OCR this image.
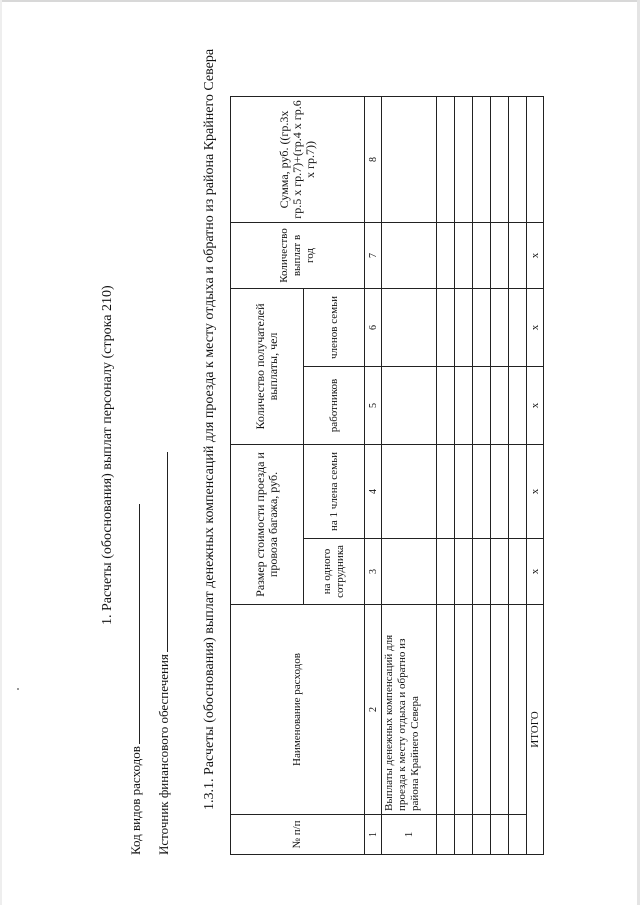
1. Расчеты (обоснования) выплат персоналу (строка 210)
Код видов расходов Источник финансового обеспечения 1.3.1. Расчеты (обоснования) выплат денежных компенсаций для проезда к месту отдыха и обратно из района Крайнего Севера
№ п/п	Наименование расходов	Размер стоимости проезда и провоза багажа, руб.		Количество получателей выплаты, чел		Количество выплат в год	Сумма, руб. ((гр.3х гр.5 х гр.7)+(гр.4 х гр.6 х гр.7))
		на одного сотрудника	на 1 члена семьи	работников	членов семьи		
1	2	3	4	5	6	7	8
1	Выплаты денежных компенсаций для проезда к месту отдыха и обратно из района Крайнего Севера						

ИТОГО		x	x	x	x	x	
